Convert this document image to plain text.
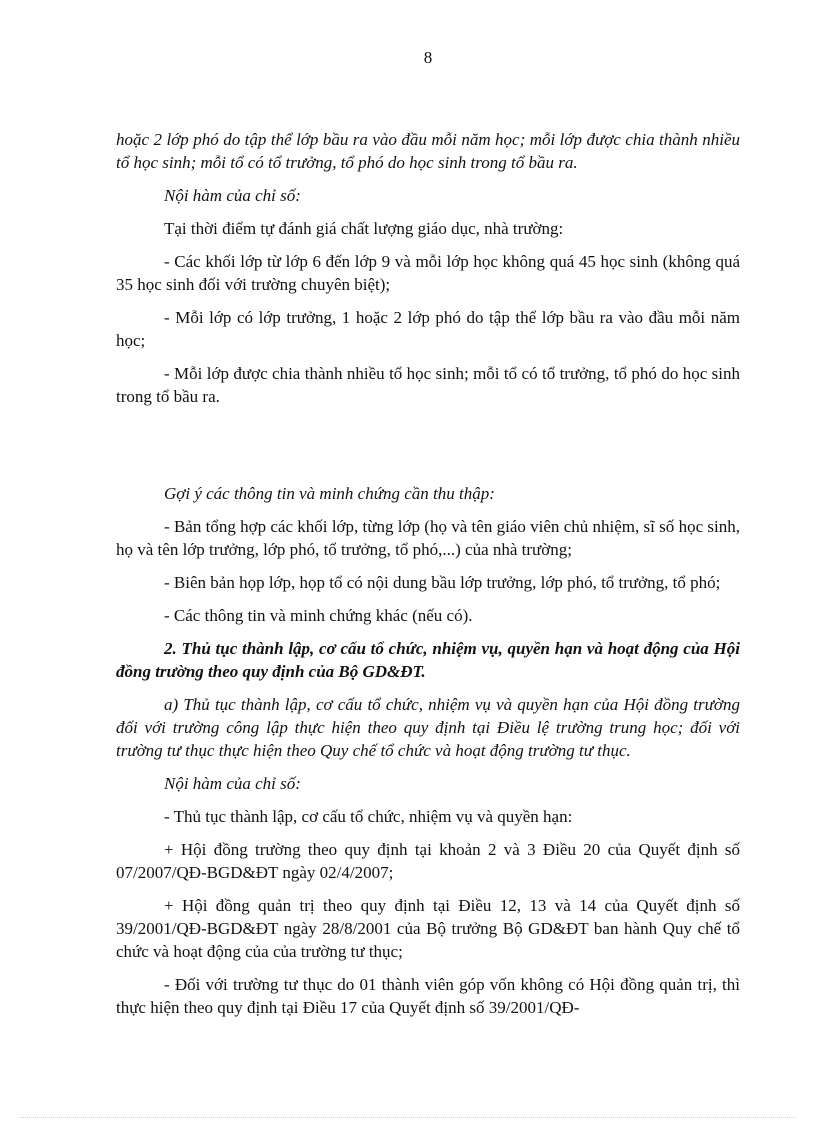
8

hoặc 2 lớp phó do tập thể lớp bầu ra vào đầu mỗi năm học; mỗi lớp được chia thành nhiều tổ học sinh; mỗi tổ có tổ trưởng, tổ phó do học sinh trong tổ bầu ra.

Nội hàm của chỉ số:

Tại thời điểm tự đánh giá chất lượng giáo dục, nhà trường:

- Các khối lớp từ lớp 6 đến lớp 9 và mỗi lớp học không quá 45 học sinh (không quá 35 học sinh đối với trường chuyên biệt);

- Mỗi lớp có lớp trưởng, 1 hoặc 2 lớp phó do tập thể lớp bầu ra vào đầu mỗi năm học;

- Mỗi lớp được chia thành nhiều tổ học sinh; mỗi tổ có tổ trưởng, tổ phó do học sinh trong tổ bầu ra.

Gợi ý các thông tin và minh chứng cần thu thập:

- Bản tổng hợp các khối lớp, từng lớp (họ và tên giáo viên chủ nhiệm, sĩ số học sinh, họ và tên lớp trưởng, lớp phó, tổ trưởng, tổ phó,...) của nhà trường;

- Biên bản họp lớp, họp tổ có nội dung bầu lớp trưởng, lớp phó, tổ trưởng, tổ phó;

- Các thông tin và minh chứng khác (nếu có).

2. Thủ tục thành lập, cơ cấu tổ chức, nhiệm vụ, quyền hạn và hoạt động của Hội đồng trường theo quy định của Bộ GD&ĐT.

a) Thủ tục thành lập, cơ cấu tổ chức, nhiệm vụ và quyền hạn của Hội đồng trường đối với trường công lập thực hiện theo quy định tại Điều lệ trường trung học; đối với trường tư thục thực hiện theo Quy chế tổ chức và hoạt động trường tư thục.

Nội hàm của chỉ số:

- Thủ tục thành lập, cơ cấu tổ chức, nhiệm vụ và quyền hạn:

+ Hội đồng trường theo quy định tại khoản 2 và 3 Điều 20 của Quyết định số 07/2007/QĐ-BGD&ĐT ngày 02/4/2007;

+ Hội đồng quản trị theo quy định tại Điều 12, 13 và 14 của Quyết định số 39/2001/QĐ-BGD&ĐT ngày 28/8/2001 của Bộ trưởng Bộ GD&ĐT ban hành Quy chế tổ chức và hoạt động của của trường tư thục;

- Đối với trường tư thục do 01 thành viên góp vốn không có Hội đồng quản trị, thì thực hiện theo quy định tại Điều 17 của Quyết định số 39/2001/QĐ-
